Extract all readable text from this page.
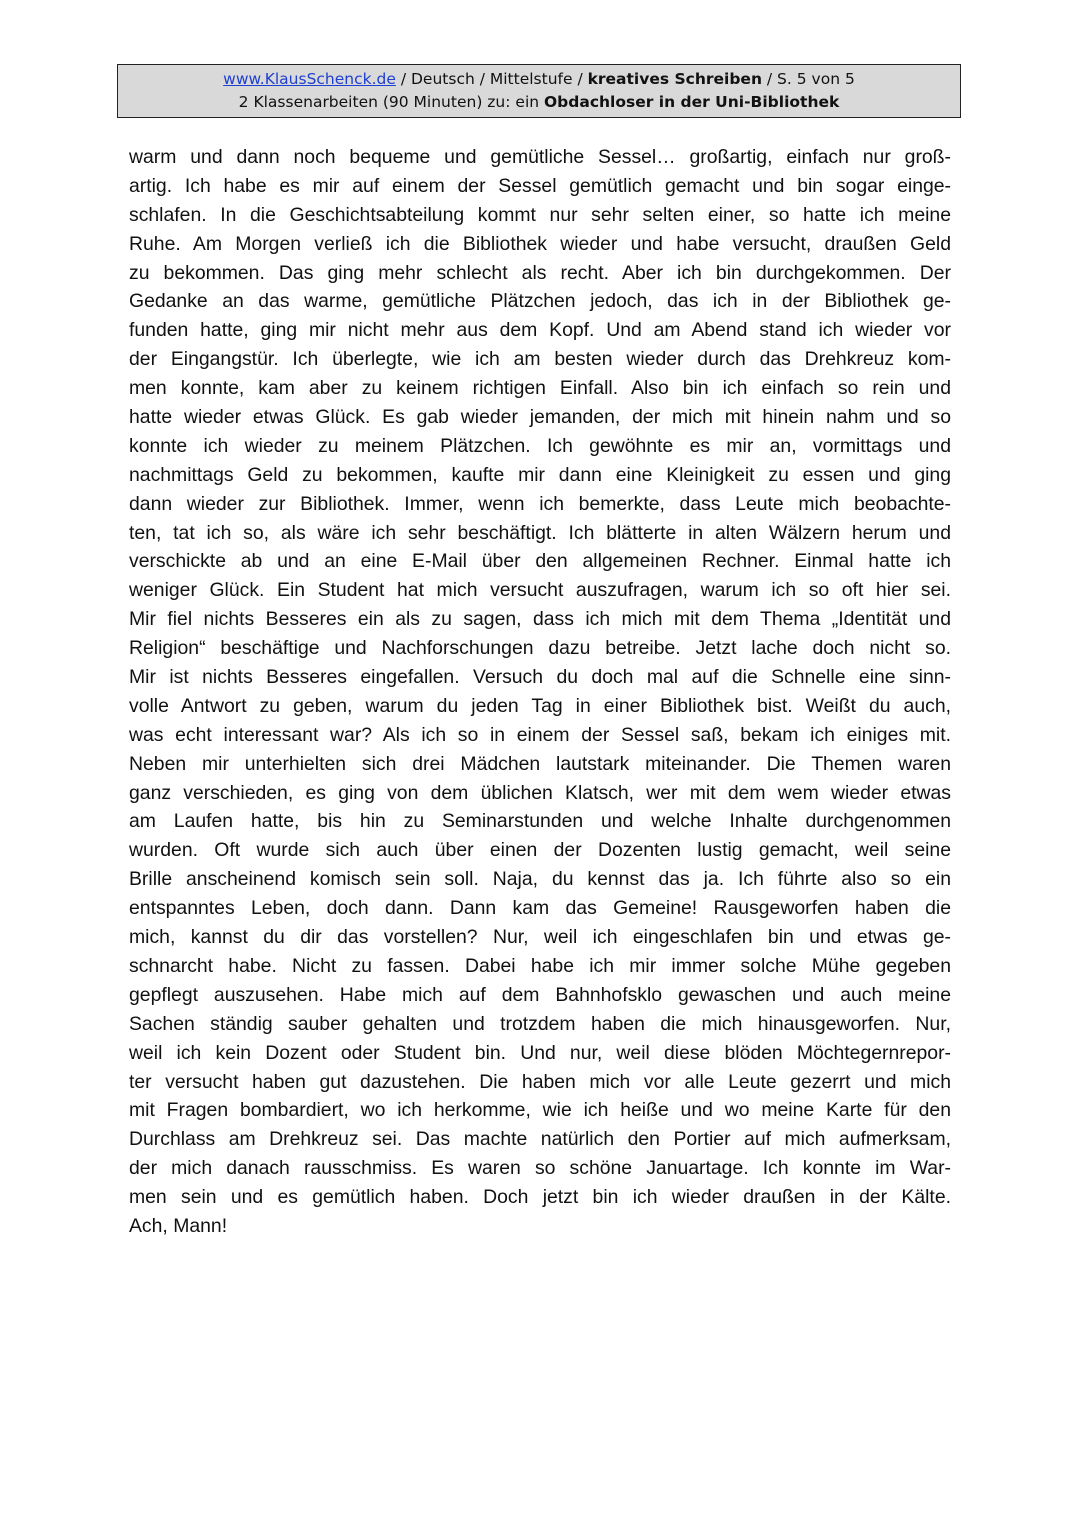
www.KlausSchenck.de / Deutsch / Mittelstufe / kreatives Schreiben / S. 5 von 5
2 Klassenarbeiten (90 Minuten) zu: ein Obdachloser in der Uni-Bibliothek
warm und dann noch bequeme und gemütliche Sessel… großartig, einfach nur groß-
artig. Ich habe es mir auf einem der Sessel gemütlich gemacht und bin sogar einge-
schlafen. In die Geschichtsabteilung kommt nur sehr selten einer, so hatte ich meine
Ruhe. Am Morgen verließ ich die Bibliothek wieder und habe versucht, draußen Geld
zu bekommen. Das ging mehr schlecht als recht. Aber ich bin durchgekommen. Der
Gedanke an das warme, gemütliche Plätzchen jedoch, das ich in der Bibliothek ge-
funden hatte, ging mir nicht mehr aus dem Kopf. Und am Abend stand ich wieder vor
der Eingangstür. Ich überlegte, wie ich am besten wieder durch das Drehkreuz kom-
men konnte, kam aber zu keinem richtigen Einfall. Also bin ich einfach so rein und
hatte wieder etwas Glück. Es gab wieder jemanden, der mich mit hinein nahm und so
konnte ich wieder zu meinem Plätzchen. Ich gewöhnte es mir an, vormittags und
nachmittags Geld zu bekommen, kaufte mir dann eine Kleinigkeit zu essen und ging
dann wieder zur Bibliothek. Immer, wenn ich bemerkte, dass Leute mich beobachte-
ten, tat ich so, als wäre ich sehr beschäftigt. Ich blätterte in alten Wälzern herum und
verschickte ab und an eine E-Mail über den allgemeinen Rechner. Einmal hatte ich
weniger Glück. Ein Student hat mich versucht auszufragen, warum ich so oft hier sei.
Mir fiel nichts Besseres ein als zu sagen, dass ich mich mit dem Thema „Identität und
Religion“ beschäftige und Nachforschungen dazu betreibe. Jetzt lache doch nicht so.
Mir ist nichts Besseres eingefallen. Versuch du doch mal auf die Schnelle eine sinn-
volle Antwort zu geben, warum du jeden Tag in einer Bibliothek bist. Weißt du auch,
was echt interessant war? Als ich so in einem der Sessel saß, bekam ich einiges mit.
Neben mir unterhielten sich drei Mädchen lautstark miteinander. Die Themen waren
ganz verschieden, es ging von dem üblichen Klatsch, wer mit dem wem wieder etwas
am Laufen hatte, bis hin zu Seminarstunden und welche Inhalte durchgenommen
wurden. Oft wurde sich auch über einen der Dozenten lustig gemacht, weil seine
Brille anscheinend komisch sein soll. Naja, du kennst das ja. Ich führte also so ein
entspanntes Leben, doch dann. Dann kam das Gemeine! Rausgeworfen haben die
mich, kannst du dir das vorstellen? Nur, weil ich eingeschlafen bin und etwas ge-
schnarcht habe. Nicht zu fassen. Dabei habe ich mir immer solche Mühe gegeben
gepflegt auszusehen. Habe mich auf dem Bahnhofsklo gewaschen und auch meine
Sachen ständig sauber gehalten und trotzdem haben die mich hinausgeworfen. Nur,
weil ich kein Dozent oder Student bin. Und nur, weil diese blöden Möchtegernrepor-
ter versucht haben gut dazustehen. Die haben mich vor alle Leute gezerrt und mich
mit Fragen bombardiert, wo ich herkomme, wie ich heiße und wo meine Karte für den
Durchlass am Drehkreuz sei. Das machte natürlich den Portier auf mich aufmerksam,
der mich danach rausschmiss. Es waren so schöne Januartage. Ich konnte im War-
men sein und es gemütlich haben. Doch jetzt bin ich wieder draußen in der Kälte.
Ach, Mann!
